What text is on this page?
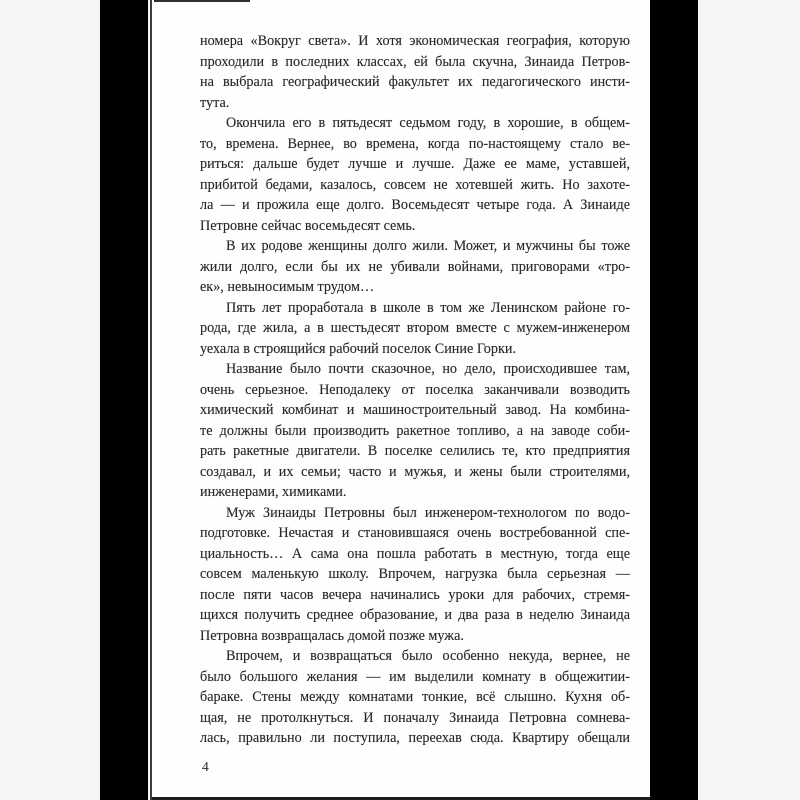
номера «Вокруг света». И хотя экономическая география, которую
проходили в последних классах, ей была скучна, Зинаида Петров-
на выбрала географический факультет их педагогического инсти-
тута.
Окончила его в пятьдесят седьмом году, в хорошие, в общем-
то, времена. Вернее, во времена, когда по-настоящему стало ве-
риться: дальше будет лучше и лучше. Даже ее маме, уставшей,
прибитой бедами, казалось, совсем не хотевшей жить. Но захоте-
ла — и прожила еще долго. Восемьдесят четыре года. А Зинаиде
Петровне сейчас восемьдесят семь.
В их родове женщины долго жили. Может, и мужчины бы тоже
жили долго, если бы их не убивали войнами, приговорами «тро-
ек», невыносимым трудом…
Пять лет проработала в школе в том же Ленинском районе го-
рода, где жила, а в шестьдесят втором вместе с мужем-инженером
уехала в строящийся рабочий поселок Синие Горки.
Название было почти сказочное, но дело, происходившее там,
очень серьезное. Неподалеку от поселка заканчивали возводить
химический комбинат и машиностроительный завод. На комбина-
те должны были производить ракетное топливо, а на заводе соби-
рать ракетные двигатели. В поселке селились те, кто предприятия
создавал, и их семьи; часто и мужья, и жены были строителями,
инженерами, химиками.
Муж Зинаиды Петровны был инженером-технологом по водо-
подготовке. Нечастая и становившаяся очень востребованной спе-
циальность… А сама она пошла работать в местную, тогда еще
совсем маленькую школу. Впрочем, нагрузка была серьезная —
после пяти часов вечера начинались уроки для рабочих, стремя-
щихся получить среднее образование, и два раза в неделю Зинаида
Петровна возвращалась домой позже мужа.
Впрочем, и возвращаться было особенно некуда, вернее, не
было большого желания — им выделили комнату в общежитии-
бараке. Стены между комнатами тонкие, всё слышно. Кухня об-
щая, не протолкнуться. И поначалу Зинаида Петровна сомнева-
лась, правильно ли поступила, переехав сюда. Квартиру обещали
4
